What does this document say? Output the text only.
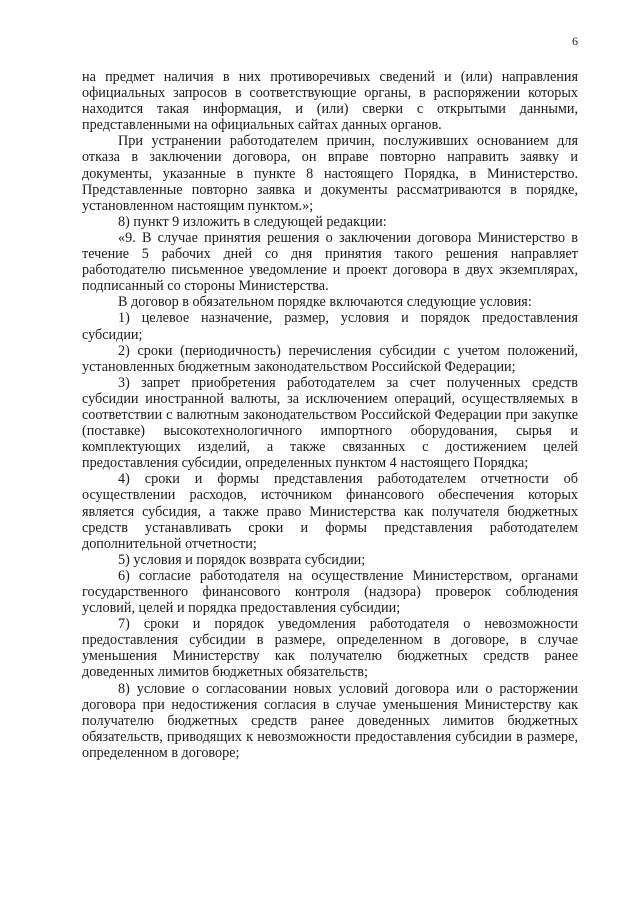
6

на предмет наличия в них противоречивых сведений и (или) направления официальных запросов в соответствующие органы, в распоряжении которых находится такая информация, и (или) сверки с открытыми данными, представленными на официальных сайтах данных органов.

При устранении работодателем причин, послуживших основанием для отказа в заключении договора, он вправе повторно направить заявку и документы, указанные в пункте 8 настоящего Порядка, в Министерство. Представленные повторно заявка и документы рассматриваются в порядке, установленном настоящим пунктом.»;

8) пункт 9 изложить в следующей редакции:

«9. В случае принятия решения о заключении договора Министерство в течение 5 рабочих дней со дня принятия такого решения направляет работодателю письменное уведомление и проект договора в двух экземплярах, подписанный со стороны Министерства.

В договор в обязательном порядке включаются следующие условия:

1) целевое назначение, размер, условия и порядок предоставления субсидии;

2) сроки (периодичность) перечисления субсидии с учетом положений, установленных бюджетным законодательством Российской Федерации;

3) запрет приобретения работодателем за счет полученных средств субсидии иностранной валюты, за исключением операций, осуществляемых в соответствии с валютным законодательством Российской Федерации при закупке (поставке) высокотехнологичного импортного оборудования, сырья и комплектующих изделий, а также связанных с достижением целей предоставления субсидии, определенных пунктом 4 настоящего Порядка;

4) сроки и формы представления работодателем отчетности об осуществлении расходов, источником финансового обеспечения которых является субсидия, а также право Министерства как получателя бюджетных средств устанавливать сроки и формы представления работодателем дополнительной отчетности;

5) условия и порядок возврата субсидии;

6) согласие работодателя на осуществление Министерством, органами государственного финансового контроля (надзора) проверок соблюдения условий, целей и порядка предоставления субсидии;

7) сроки и порядок уведомления работодателя о невозможности предоставления субсидии в размере, определенном в договоре, в случае уменьшения Министерству как получателю бюджетных средств ранее доведенных лимитов бюджетных обязательств;

8) условие о согласовании новых условий договора или о расторжении договора при недостижения согласия в случае уменьшения Министерству как получателю бюджетных средств ранее доведенных лимитов бюджетных обязательств, приводящих к невозможности предоставления субсидии в размере, определенном в договоре;
